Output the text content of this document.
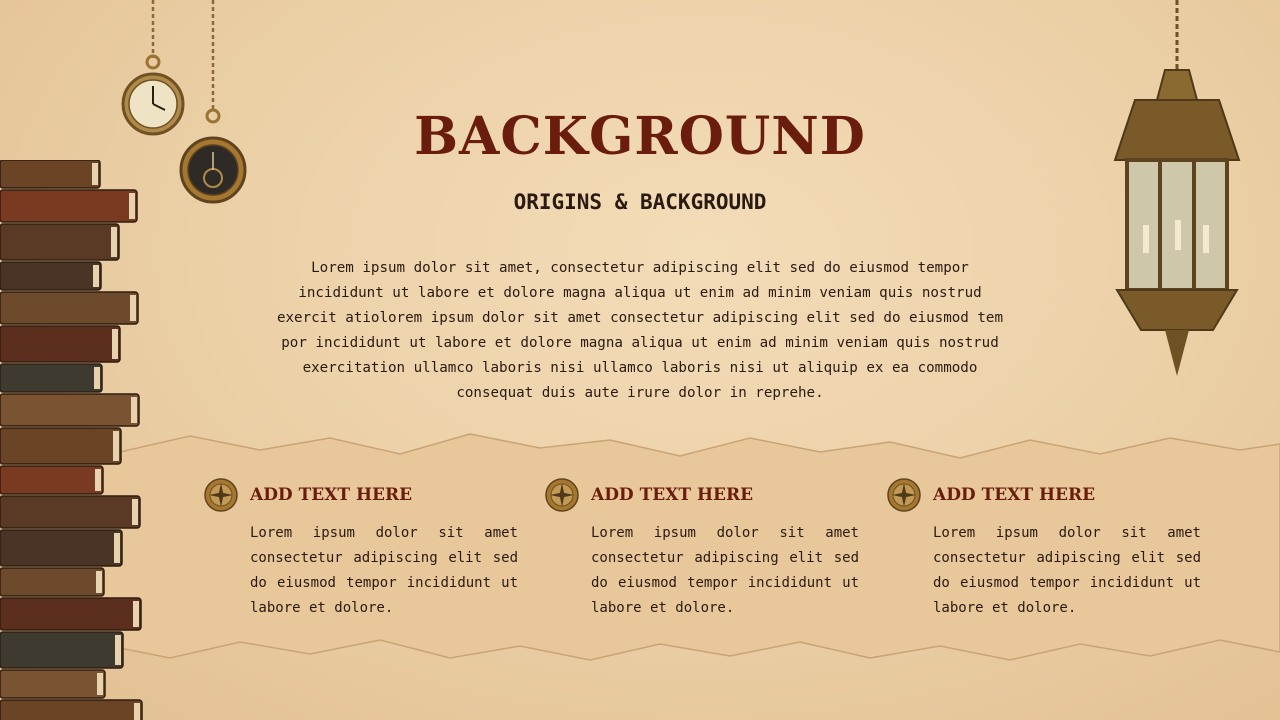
BACKGROUND
ORIGINS & BACKGROUND

Lorem ipsum dolor sit amet, consectetur adipiscing elit sed do eiusmod tempor incididunt ut labore et dolore magna aliqua ut enim ad minim veniam quis nostrud exercit atiolorem ipsum dolor sit amet consectetur adipiscing elit sed do eiusmod tem por incididunt ut labore et dolore magna aliqua ut enim ad minim veniam quis nostrud exercitation ullamco laboris nisi ullamco laboris nisi ut aliquip ex ea commodo consequat duis aute irure dolor in reprehe.

ADD TEXT HERE
Lorem ipsum dolor sit amet consectetur adipiscing elit sed do eiusmod tempor incididunt ut labore et dolore.
ADD TEXT HERE
Lorem ipsum dolor sit amet consectetur adipiscing elit sed do eiusmod tempor incididunt ut labore et dolore.
ADD TEXT HERE
Lorem ipsum dolor sit amet consectetur adipiscing elit sed do eiusmod tempor incididunt ut labore et dolore.
